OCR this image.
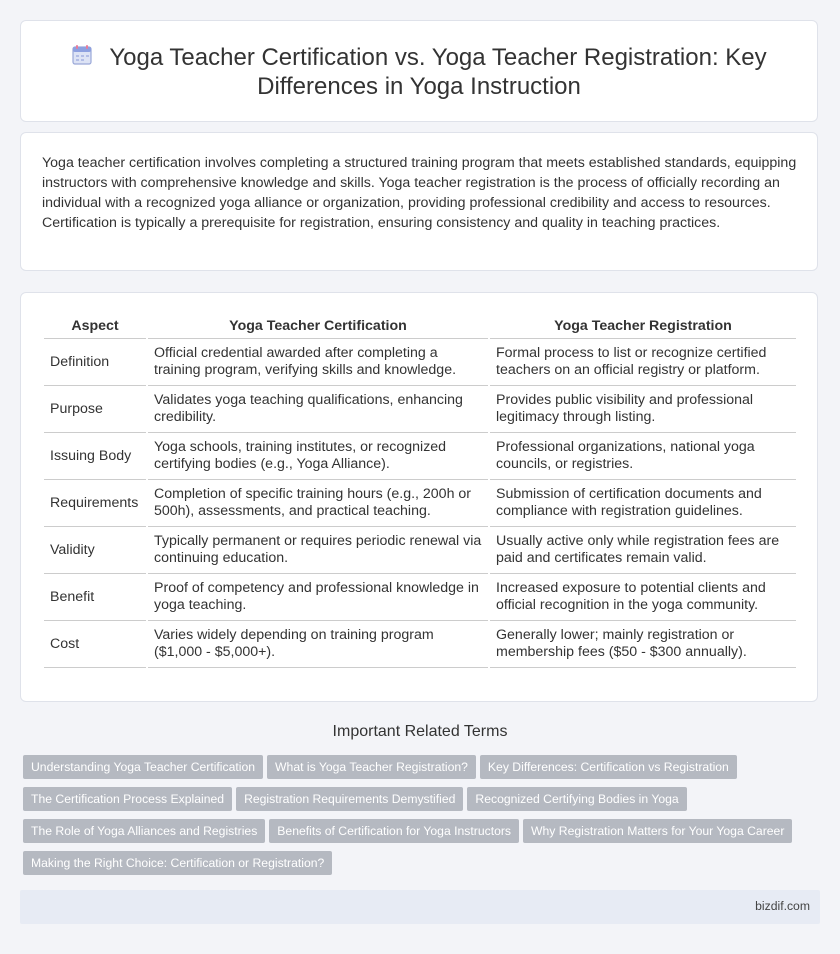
Yoga Teacher Certification vs. Yoga Teacher Registration: Key Differences in Yoga Instruction
Yoga teacher certification involves completing a structured training program that meets established standards, equipping instructors with comprehensive knowledge and skills. Yoga teacher registration is the process of officially recording an individual with a recognized yoga alliance or organization, providing professional credibility and access to resources. Certification is typically a prerequisite for registration, ensuring consistency and quality in teaching practices.
Aspect	Yoga Teacher Certification	Yoga Teacher Registration
Definition	Official credential awarded after completing a training program, verifying skills and knowledge.	Formal process to list or recognize certified teachers on an official registry or platform.
Purpose	Validates yoga teaching qualifications, enhancing credibility.	Provides public visibility and professional legitimacy through listing.
Issuing Body	Yoga schools, training institutes, or recognized certifying bodies (e.g., Yoga Alliance).	Professional organizations, national yoga councils, or registries.
Requirements	Completion of specific training hours (e.g., 200h or 500h), assessments, and practical teaching.	Submission of certification documents and compliance with registration guidelines.
Validity	Typically permanent or requires periodic renewal via continuing education.	Usually active only while registration fees are paid and certificates remain valid.
Benefit	Proof of competency and professional knowledge in yoga teaching.	Increased exposure to potential clients and official recognition in the yoga community.
Cost	Varies widely depending on training program ($1,000 - $5,000+).	Generally lower; mainly registration or membership fees ($50 - $300 annually).
Important Related Terms
Understanding Yoga Teacher Certification What is Yoga Teacher Registration? Key Differences: Certification vs Registration
The Certification Process Explained Registration Requirements Demystified Recognized Certifying Bodies in Yoga
The Role of Yoga Alliances and Registries Benefits of Certification for Yoga Instructors Why Registration Matters for Your Yoga Career
Making the Right Choice: Certification or Registration?
bizdif.com
